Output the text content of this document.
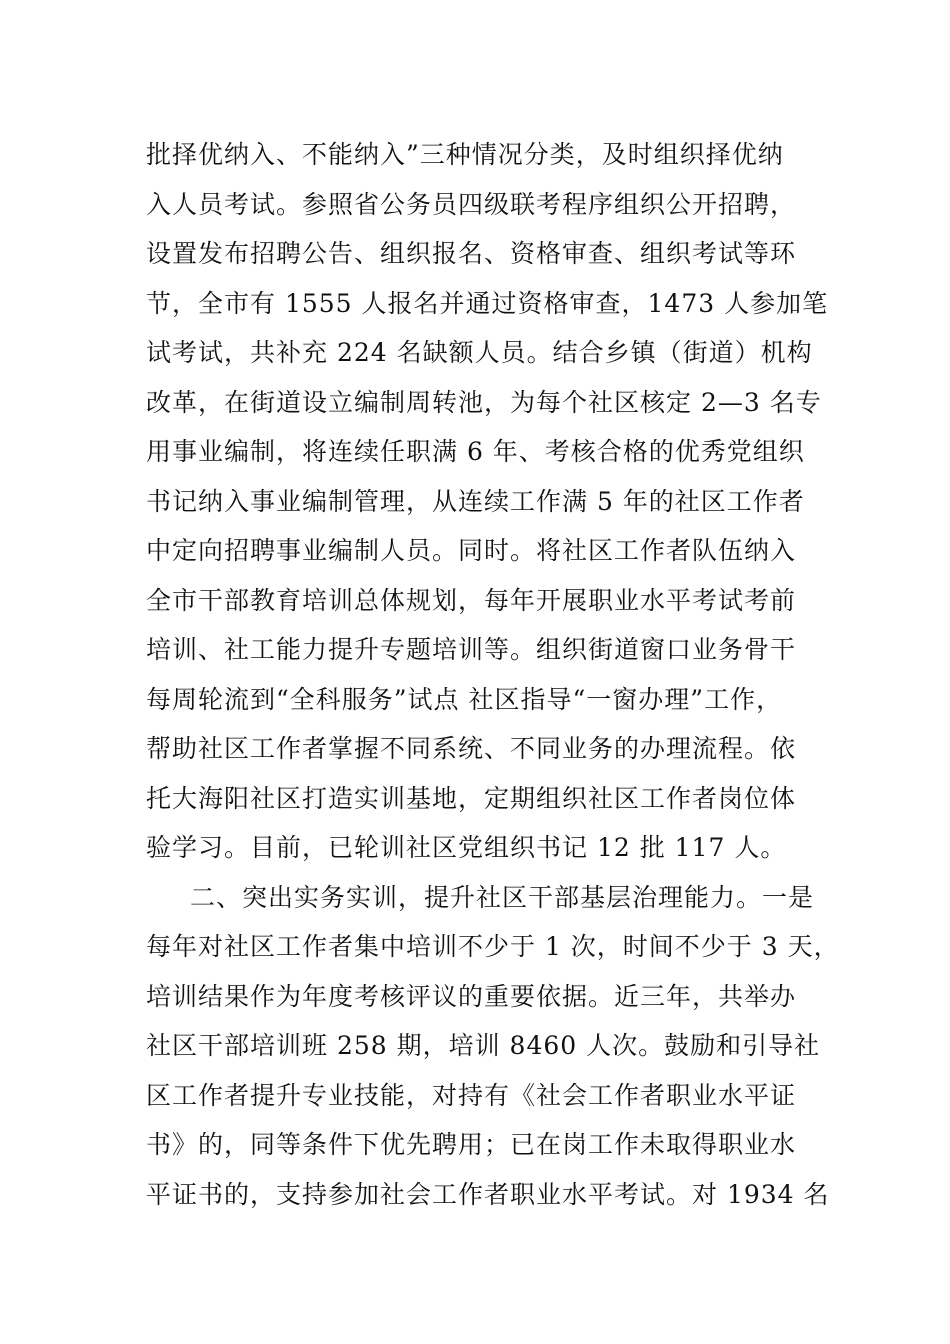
批择优纳入、不能纳入”三种情况分类，及时组织择优纳
入人员考试。参照省公务员四级联考程序组织公开招聘，
设置发布招聘公告、组织报名、资格审查、组织考试等环
节，全市有 1555 人报名并通过资格审查，1473 人参加笔
试考试，共补充 224 名缺额人员。结合乡镇（街道）机构
改革，在街道设立编制周转池，为每个社区核定 2—3 名专
用事业编制，将连续任职满 6 年、考核合格的优秀党组织
书记纳入事业编制管理，从连续工作满 5 年的社区工作者
中定向招聘事业编制人员。同时。将社区工作者队伍纳入
全市干部教育培训总体规划，每年开展职业水平考试考前
培训、社工能力提升专题培训等。组织街道窗口业务骨干
每周轮流到“全科服务”试点 社区指导“一窗办理”工作，
帮助社区工作者掌握不同系统、不同业务的办理流程。依
托大海阳社区打造实训基地，定期组织社区工作者岗位体
验学习。目前，已轮训社区党组织书记 12 批 117 人。
二、突出实务实训，提升社区干部基层治理能力。一是
每年对社区工作者集中培训不少于 1 次，时间不少于 3 天，
培训结果作为年度考核评议的重要依据。近三年，共举办
社区干部培训班 258 期，培训 8460 人次。鼓励和引导社
区工作者提升专业技能，对持有《社会工作者职业水平证
书》的，同等条件下优先聘用；已在岗工作未取得职业水
平证书的，支持参加社会工作者职业水平考试。对 1934 名
